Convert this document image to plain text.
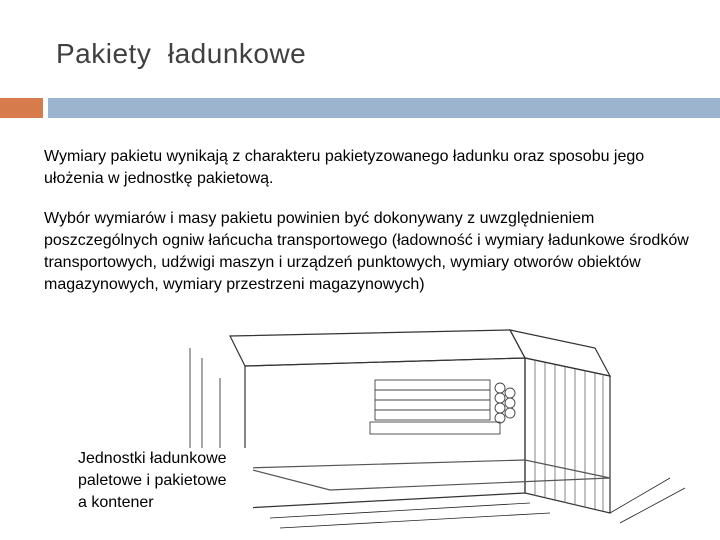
Pakiety  ładunkowe
Wymiary pakietu wynikają z charakteru pakietyzowanego ładunku oraz sposobu jego ułożenia w jednostkę pakietową.
Wybór wymiarów i masy pakietu powinien być dokonywany z uwzględnieniem poszczególnych ogniw łańcucha transportowego (ładowność i wymiary ładunkowe środków transportowych, udźwigi maszyn i urządzeń punktowych, wymiary otworów obiektów magazynowych, wymiary przestrzeni magazynowych)
Jednostki ładunkowe
paletowe i pakietowe
a kontener
